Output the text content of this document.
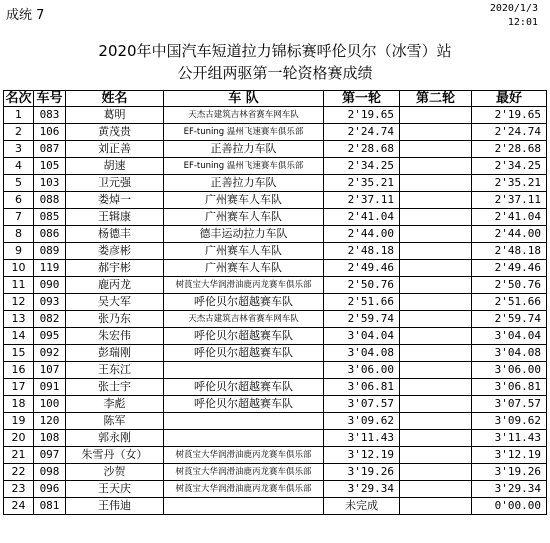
成统 7	2020/1/3
12:01
2020年中国汽车短道拉力锦标赛呼伦贝尔（冰雪）站
公开组两驱第一轮资格赛成绩
名次	车号	姓名	车 队	第一轮	第二轮	最好
1	083	葛明	天杰古建筑吉林省赛车网车队	2'19.65		2'19.65
2	106	黄茂贵	EF-tuning 温州飞速赛车俱乐部	2'24.74		2'24.74
3	087	刘正善	正善拉力车队	2'28.68		2'28.68
4	105	胡速	EF-tuning 温州飞速赛车俱乐部	2'34.25		2'34.25
5	103	卫元强	正善拉力车队	2'35.21		2'35.21
6	088	娄焯一	广州赛车人车队	2'37.11		2'37.11
7	085	王辑康	广州赛车人车队	2'41.04		2'41.04
8	086	杨德丰	德丰运动拉力车队	2'44.00		2'44.00
9	089	娄彦彬	广州赛车人车队	2'48.18		2'48.18
10	119	郝宇彬	广州赛车人车队	2'49.46		2'49.46
11	090	鹿丙龙	树莨宝大华润滑油鹿丙龙赛车俱乐部	2'50.76		2'50.76
12	093	吴大军	呼伦贝尔超越赛车队	2'51.66		2'51.66
13	082	张乃东	天杰古建筑吉林省赛车网车队	2'59.74		2'59.74
14	095	朱宏伟	呼伦贝尔超越赛车队	3'04.04		3'04.04
15	092	彭瑞刚	呼伦贝尔超越赛车队	3'04.08		3'04.08
16	107	王东江		3'06.00		3'06.00
17	091	张士宇	呼伦贝尔超越赛车队	3'06.81		3'06.81
18	100	李彪	呼伦贝尔超越赛车队	3'07.57		3'07.57
19	120	陈军		3'09.62		3'09.62
20	108	郭永刚		3'11.43		3'11.43
21	097	朱雪丹（女）	树莨宝大华润滑油鹿丙龙赛车俱乐部	3'12.19		3'12.19
22	098	沙贺	树莨宝大华润滑油鹿丙龙赛车俱乐部	3'19.26		3'19.26
23	096	王天庆	树莨宝大华润滑油鹿丙龙赛车俱乐部	3'29.34		3'29.34
24	081	王伟迪		未完成		0'00.00
